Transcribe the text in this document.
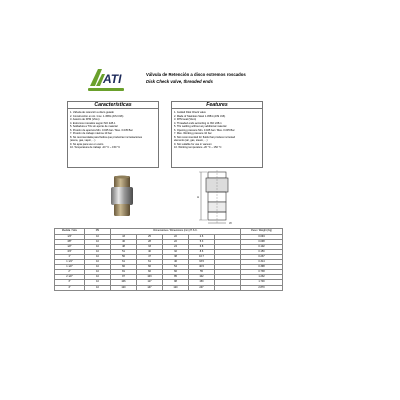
ATI	Válvula de Retención a disco extremos roscados
Disk Check valve, threaded ends
Características
1. Válvula de retención a disco guiado
2. Construcción en Ac. Inox. 1.4581 (AISI 316)
3. Asiento de FPM (Viton)
4. Extremos roscados según ISO 228-1
5. Soldadura a TIG sin aporte de material
6. Presión de apertura Min. 0.025 bar / Max. 0.035 Bar
7. Presión de trabajo máxima 10 bar
8. No recomendada para fluidos que produzcan incrustaciones
(arena, gas, vapor, ...)
9. No apta para uso en vacío
10. Temperatura de trabajo -20 °C ~ 150 °C
Features
1. Guided Disk Check valve
2. Made of Stainless Steel 1.4581 (AISI 316)
3. FPM seal (Viton)
4. Threaded ends according to ISO 228-1
5. TIG welding without any additional material
6. Opening pressure Min. 0.025 bar / Max. 0.035 Bar
7. Max. Working pressure 10 bar
8. Not recommended for fluids that produce incrusted
elements (air, gas, steam, ...)
9. Not suitable for use in vacuum
10. Working temperature -20 °C ~ 150 °C
H
W
Medida / Size	PN	Dimensiones / Dimensions (mm) H.S.C.					Peso / Weight (Kg)
1/4"	10	43	25	22	2.6		0.094
3/8"	10	46	28	22	5.3		0.098
1/2"	10	48	33	24	6.8		0.102
3/4"	10	51	40	32	8.6		0.150
1"	10	56	47	38	16.7		0.237
1 1/4"	10	61	61	46	33.5		0.314
1 1/2"	10	66	66	54	40.5		0.398
2"	10	81	82	66	55		0.738
2 1/2"	10	97	103	85	102		1.232
3"	10	106	117	98	150		1.700
4"	10	120	147	120	247		2.870
